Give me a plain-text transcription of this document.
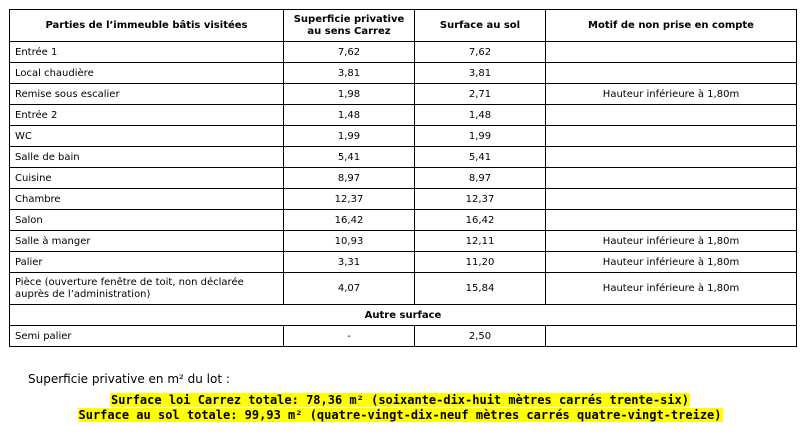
Parties de l’immeuble bâtis visitées	Superficie privative au sens Carrez	Surface au sol	Motif de non prise en compte
Entrée 1	7,62	7,62	
Local chaudière	3,81	3,81	
Remise sous escalier	1,98	2,71	Hauteur inférieure à 1,80m
Entrée 2	1,48	1,48	
WC	1,99	1,99	
Salle de bain	5,41	5,41	
Cuisine	8,97	8,97	
Chambre	12,37	12,37	
Salon	16,42	16,42	
Salle à manger	10,93	12,11	Hauteur inférieure à 1,80m
Palier	3,31	11,20	Hauteur inférieure à 1,80m
Pièce (ouverture fenêtre de toit, non déclarée auprès de l’administration)	4,07	15,84	Hauteur inférieure à 1,80m
Autre surface			
Semi palier	-	2,50	
Superficie privative en m² du lot :
Surface loi Carrez totale: 78,36 m² (soixante-dix-huit mètres carrés trente-six)
Surface au sol totale: 99,93 m² (quatre-vingt-dix-neuf mètres carrés quatre-vingt-treize)
